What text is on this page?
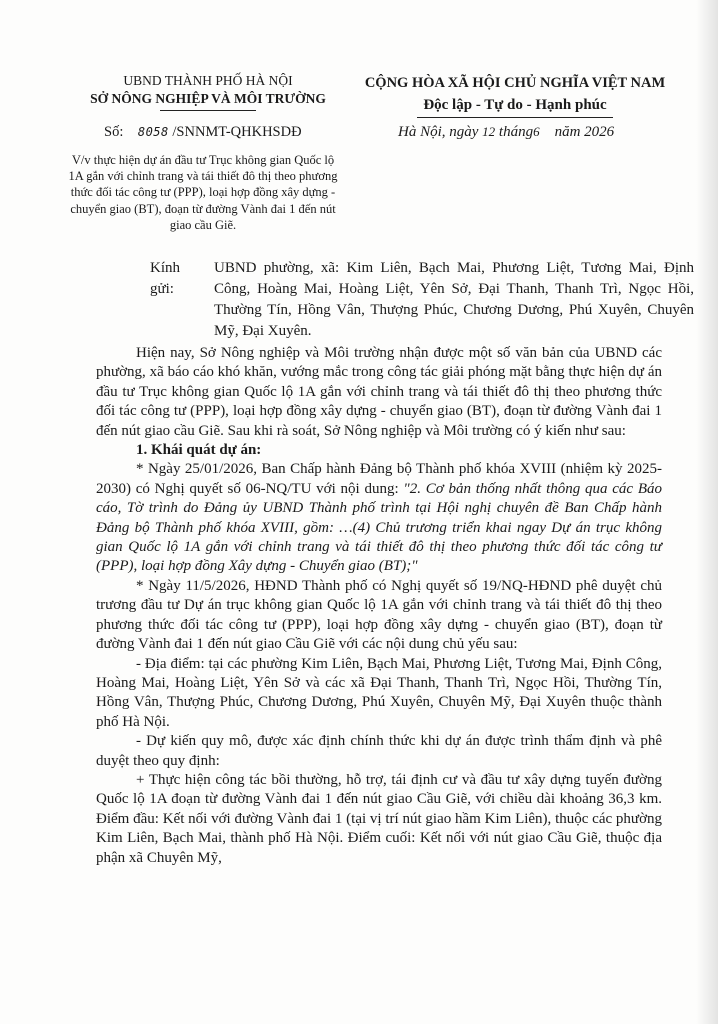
UBND THÀNH PHỐ HÀ NỘI
SỞ NÔNG NGHIỆP VÀ MÔI TRƯỜNG
CỘNG HÒA XÃ HỘI CHỦ NGHĨA VIỆT NAM
Độc lập - Tự do - Hạnh phúc
Số: 8058 /SNNMT-QHKHSDĐ	Hà Nội, ngày 12 tháng6 năm 2026
V/v thực hiện dự án đầu tư Trục không gian Quốc lộ 1A gắn với chỉnh trang và tái thiết đô thị theo phương thức đối tác công tư (PPP), loại hợp đồng xây dựng - chuyển giao (BT), đoạn từ đường Vành đai 1 đến nút giao cầu Giẽ.
Kính gửi:
UBND phường, xã: Kim Liên, Bạch Mai, Phương Liệt, Tương Mai, Định Công, Hoàng Mai, Hoàng Liệt, Yên Sở, Đại Thanh, Thanh Trì, Ngọc Hồi, Thường Tín, Hồng Vân, Thượng Phúc, Chương Dương, Phú Xuyên, Chuyên Mỹ, Đại Xuyên.

Hiện nay, Sở Nông nghiệp và Môi trường nhận được một số văn bản của UBND các phường, xã báo cáo khó khăn, vướng mắc trong công tác giải phóng mặt bằng thực hiện dự án đầu tư Trục không gian Quốc lộ 1A gắn với chỉnh trang và tái thiết đô thị theo phương thức đối tác công tư (PPP), loại hợp đồng xây dựng - chuyển giao (BT), đoạn từ đường Vành đai 1 đến nút giao cầu Giẽ. Sau khi rà soát, Sở Nông nghiệp và Môi trường có ý kiến như sau:

1. Khái quát dự án:

* Ngày 25/01/2026, Ban Chấp hành Đảng bộ Thành phố khóa XVIII (nhiệm kỳ 2025-2030) có Nghị quyết số 06-NQ/TU với nội dung: "2. Cơ bản thống nhất thông qua các Báo cáo, Tờ trình do Đảng ủy UBND Thành phố trình tại Hội nghị chuyên đề Ban Chấp hành Đảng bộ Thành phố khóa XVIII, gồm: …(4) Chủ trương triển khai ngay Dự án trục không gian Quốc lộ 1A gắn với chỉnh trang và tái thiết đô thị theo phương thức đối tác công tư (PPP), loại hợp đồng Xây dựng - Chuyển giao (BT);"

* Ngày 11/5/2026, HĐND Thành phố có Nghị quyết số 19/NQ-HĐND phê duyệt chủ trương đầu tư Dự án trục không gian Quốc lộ 1A gắn với chỉnh trang và tái thiết đô thị theo phương thức đối tác công tư (PPP), loại hợp đồng xây dựng - chuyển giao (BT), đoạn từ đường Vành đai 1 đến nút giao Cầu Giẽ với các nội dung chủ yếu sau:

- Địa điểm: tại các phường Kim Liên, Bạch Mai, Phương Liệt, Tương Mai, Định Công, Hoàng Mai, Hoàng Liệt, Yên Sở và các xã Đại Thanh, Thanh Trì, Ngọc Hồi, Thường Tín, Hồng Vân, Thượng Phúc, Chương Dương, Phú Xuyên, Chuyên Mỹ, Đại Xuyên thuộc thành phố Hà Nội.

- Dự kiến quy mô, được xác định chính thức khi dự án được trình thẩm định và phê duyệt theo quy định:

+ Thực hiện công tác bồi thường, hỗ trợ, tái định cư và đầu tư xây dựng tuyến đường Quốc lộ 1A đoạn từ đường Vành đai 1 đến nút giao Cầu Giẽ, với chiều dài khoảng 36,3 km. Điểm đầu: Kết nối với đường Vành đai 1 (tại vị trí nút giao hầm Kim Liên), thuộc các phường Kim Liên, Bạch Mai, thành phố Hà Nội. Điểm cuối: Kết nối với nút giao Cầu Giẽ, thuộc địa phận xã Chuyên Mỹ,
